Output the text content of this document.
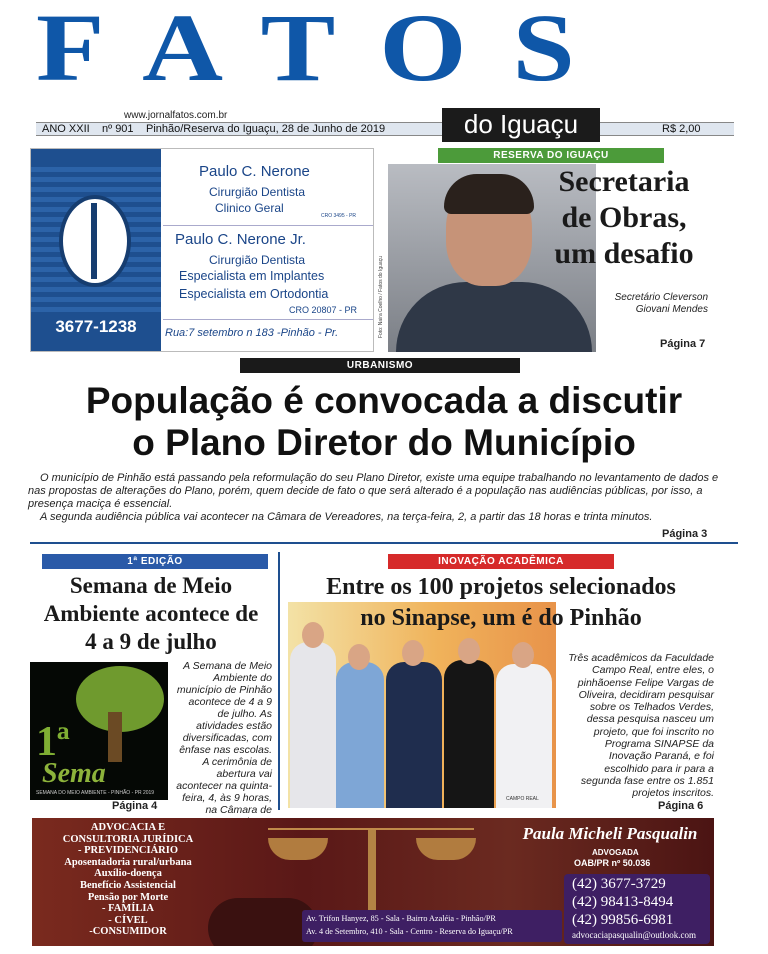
FATOS
www.jornalfatos.com.br
ANO XXII nº 901 Pinhão/Reserva do Iguaçu, 28 de Junho de 2019	R$ 2,00
do Iguaçu
3677-1238
Paulo C. Nerone
Cirurgião Dentista
Clinico Geral
CRO 3495 - PR
Paulo C. Nerone Jr.
Cirurgião Dentista
Especialista em Implantes
Especialista em Ortodontia
CRO 20807 - PR
Rua:7 setembro n 183 -Pinhão - Pr.
RESERVA DO IGUAÇU
Foto: Naira Coelho / Fatos do Iguaçu
Secretaria
de Obras,
um desafio
Secretário Cleverson
Giovani Mendes
Página 7
URBANISMO
População é convocada a discutir
o Plano Diretor do Município

O município de Pinhão está passando pela reformulação do seu Plano Diretor, existe uma equipe trabalhando no levantamento de dados e nas propostas de alterações do Plano, porém, quem decide de fato o que será alterado é a população nas audiências públicas, por isso, a presença maciça é essencial.

A segunda audiência pública vai acontecer na Câmara de Vereadores, na terça-feira, 2, a partir das 18 horas e trinta minutos.

Página 3
1ª EDIÇÃO
Semana de Meio
Ambiente acontece de
4 a 9 de julho
1ª
Sema
SEMANA DO MEIO AMBIENTE - PINHÃO - PR 2019
A Semana de Meio Ambiente do município de Pinhão acontece de 4 a 9 de julho. As atividades estão diversificadas, com ênfase nas escolas. A cerimônia de abertura vai acontecer na quinta-feira, 4, às 9 horas, na Câmara de
Página 4
INOVAÇÃO ACADÊMICA
CAMPO REAL
Entre os 100 projetos selecionados
no Sinapse, um é do Pinhão
Três acadêmicos da Faculdade Campo Real, entre eles, o pinhãoense Felipe Vargas de Oliveira, decidiram pesquisar sobre os Telhados Verdes, dessa pesquisa nasceu um projeto, que foi inscrito no Programa SINAPSE da Inovação Paraná, e foi escolhido para ir para a segunda fase entre os 1.851 projetos inscritos.
Página 6
ADVOCACIA E
CONSULTORIA JURÍDICA
- PREVIDENCIÁRIO
Aposentadoria rural/urbana
Auxílio-doença
Benefício Assistencial
Pensão por Morte
- FAMÍLIA
- CÍVEL
-CONSUMIDOR
Paula Micheli Pasqualin
ADVOGADA
OAB/PR nº 50.036
(42) 3677-3729
(42) 98413-8494
(42) 99856-6981
advocaciapasqualin@outlook.com
Av. Trifon Hanyez, 85 - Sala - Bairro Azaléia - Pinhão/PR
Av. 4 de Setembro, 410 - Sala - Centro - Reserva do Iguaçu/PR
